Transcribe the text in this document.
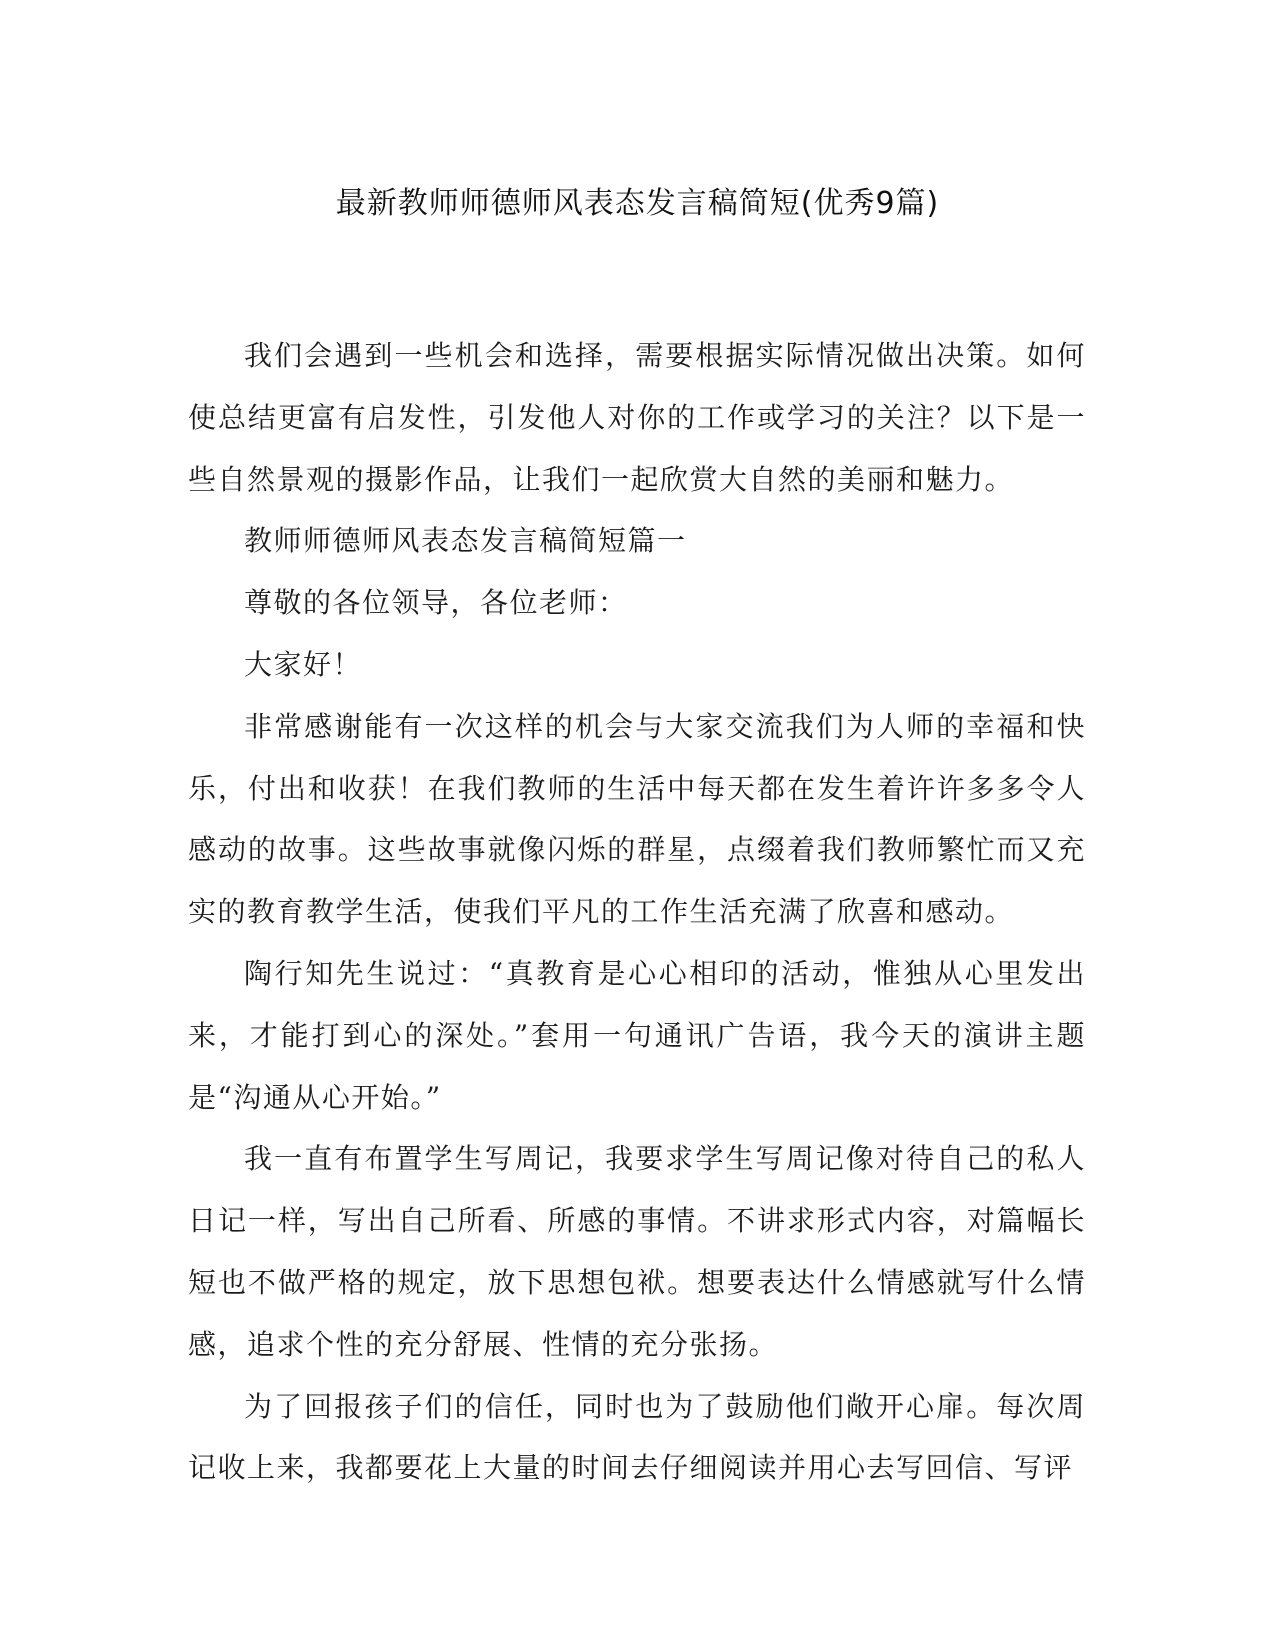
最新教师师德师风表态发言稿简短(优秀9篇)

我们会遇到一些机会和选择，需要根据实际情况做出决策。如何使总结更富有启发性，引发他人对你的工作或学习的关注？以下是一些自然景观的摄影作品，让我们一起欣赏大自然的美丽和魅力。

教师师德师风表态发言稿简短篇一

尊敬的各位领导，各位老师：

大家好！

非常感谢能有一次这样的机会与大家交流我们为人师的幸福和快乐，付出和收获！在我们教师的生活中每天都在发生着许许多多令人感动的故事。这些故事就像闪烁的群星，点缀着我们教师繁忙而又充实的教育教学生活，使我们平凡的工作生活充满了欣喜和感动。

陶行知先生说过：“真教育是心心相印的活动，惟独从心里发出来，才能打到心的深处。”套用一句通讯广告语，我今天的演讲主题是“沟通从心开始。”

我一直有布置学生写周记，我要求学生写周记像对待自己的私人日记一样，写出自己所看、所感的事情。不讲求形式内容，对篇幅长短也不做严格的规定，放下思想包袱。想要表达什么情感就写什么情感，追求个性的充分舒展、性情的充分张扬。

为了回报孩子们的信任，同时也为了鼓励他们敞开心扉。每次周记收上来，我都要花上大量的时间去仔细阅读并用心去写回信、写评
